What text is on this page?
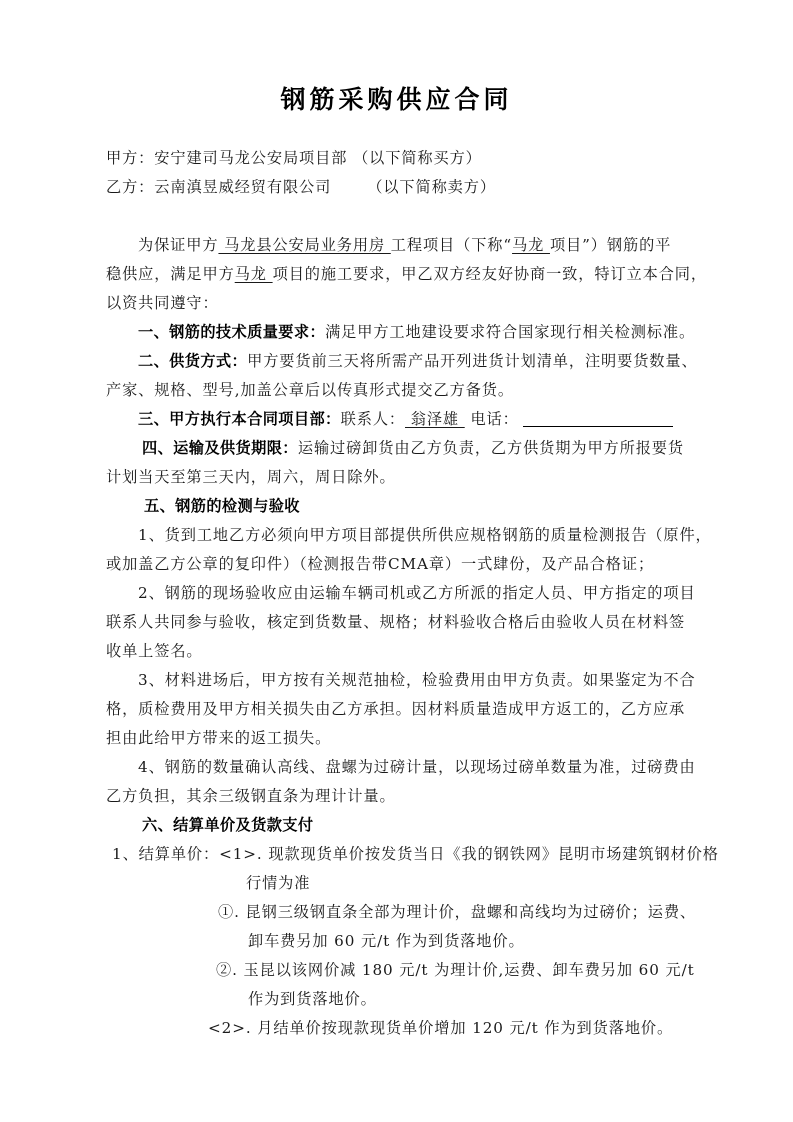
钢筋采购供应合同
甲方：安宁建司马龙公安局项目部 （以下简称买方）
乙方：云南滇昱威经贸有限公司 （以下简称卖方）
为保证甲方 马龙县公安局业务用房 工程项目（下称“马龙 项目”）钢筋的平
稳供应，满足甲方马龙 项目的施工要求，甲乙双方经友好协商一致，特订立本合同，
以资共同遵守：
一、钢筋的技术质量要求：满足甲方工地建设要求符合国家现行相关检测标准。
二、供货方式：甲方要货前三天将所需产品开列进货计划清单，注明要货数量、
产家、规格、型号,加盖公章后以传真形式提交乙方备货。
三、甲方执行本合同项目部：联系人： 翁泽雄  电话：
四、运输及供货期限：运输过磅卸货由乙方负责，乙方供货期为甲方所报要货
计划当天至第三天内，周六，周日除外。
五、钢筋的检测与验收
1、货到工地乙方必须向甲方项目部提供所供应规格钢筋的质量检测报告（原件，
或加盖乙方公章的复印件）（检测报告带CMA章）一式肆份，及产品合格证；
2、钢筋的现场验收应由运输车辆司机或乙方所派的指定人员、甲方指定的项目
联系人共同参与验收，核定到货数量、规格；材料验收合格后由验收人员在材料签
收单上签名。
3、材料进场后，甲方按有关规范抽检，检验费用由甲方负责。如果鉴定为不合
格，质检费用及甲方相关损失由乙方承担。因材料质量造成甲方返工的，乙方应承
担由此给甲方带来的返工损失。
4、钢筋的数量确认高线、盘螺为过磅计量，以现场过磅单数量为准，过磅费由
乙方负担，其余三级钢直条为理计计量。
六、结算单价及货款支付
1、结算单价：<1>. 现款现货单价按发货当日《我的钢铁网》昆明市场建筑钢材价格
行情为准
①. 昆钢三级钢直条全部为理计价，盘螺和高线均为过磅价；运费、
卸车费另加 60 元/t 作为到货落地价。
②. 玉昆以该网价减 180 元/t 为理计价,运费、卸车费另加 60 元/t
作为到货落地价。
<2>. 月结单价按现款现货单价增加 120 元/t 作为到货落地价。
